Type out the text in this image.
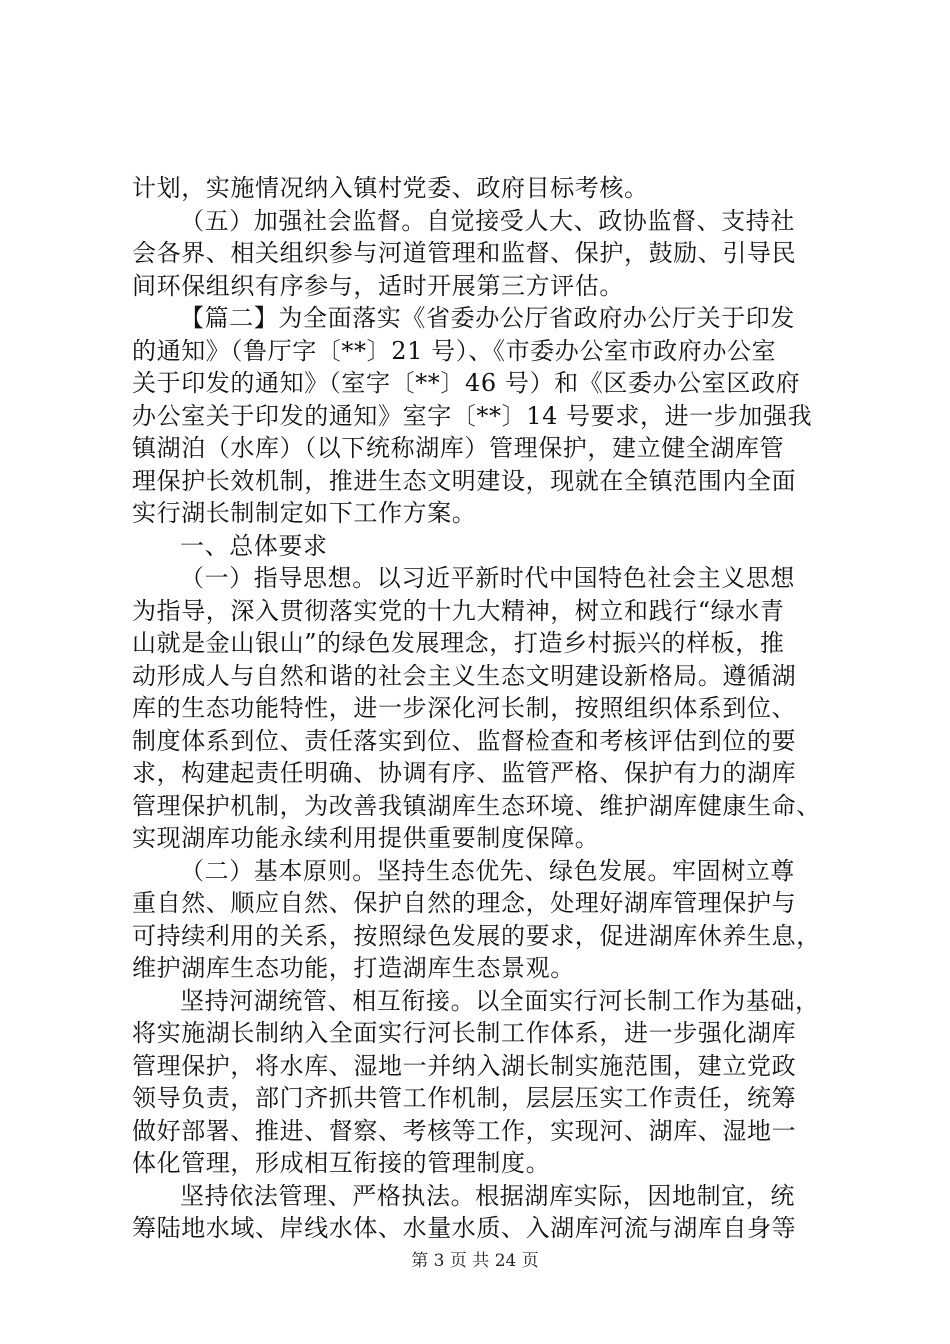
计划，实施情况纳入镇村党委、政府目标考核。
（五）加强社会监督。自觉接受人大、政协监督、支持社
会各界、相关组织参与河道管理和监督、保护，鼓励、引导民
间环保组织有序参与，适时开展第三方评估。
【篇二】为全面落实《省委办公厅省政府办公厅关于印发
的通知》（鲁厅字〔**〕21 号）、《市委办公室市政府办公室
关于印发的通知》（室字〔**〕46 号）和《区委办公室区政府
办公室关于印发的通知》室字〔**〕14 号要求，进一步加强我
镇湖泊（水库）（以下统称湖库）管理保护，建立健全湖库管
理保护长效机制，推进生态文明建设，现就在全镇范围内全面
实行湖长制制定如下工作方案。
一、总体要求
（一）指导思想。以习近平新时代中国特色社会主义思想
为指导，深入贯彻落实党的十九大精神，树立和践行“绿水青
山就是金山银山”的绿色发展理念，打造乡村振兴的样板，推
动形成人与自然和谐的社会主义生态文明建设新格局。遵循湖
库的生态功能特性，进一步深化河长制，按照组织体系到位、
制度体系到位、责任落实到位、监督检查和考核评估到位的要
求，构建起责任明确、协调有序、监管严格、保护有力的湖库
管理保护机制，为改善我镇湖库生态环境、维护湖库健康生命、
实现湖库功能永续利用提供重要制度保障。
（二）基本原则。坚持生态优先、绿色发展。牢固树立尊
重自然、顺应自然、保护自然的理念，处理好湖库管理保护与
可持续利用的关系，按照绿色发展的要求，促进湖库休养生息，
维护湖库生态功能，打造湖库生态景观。
坚持河湖统管、相互衔接。以全面实行河长制工作为基础，
将实施湖长制纳入全面实行河长制工作体系，进一步强化湖库
管理保护，将水库、湿地一并纳入湖长制实施范围，建立党政
领导负责，部门齐抓共管工作机制，层层压实工作责任，统筹
做好部署、推进、督察、考核等工作，实现河、湖库、湿地一
体化管理，形成相互衔接的管理制度。
坚持依法管理、严格执法。根据湖库实际，因地制宜，统
筹陆地水域、岸线水体、水量水质、入湖库河流与湖库自身等
第 3 页 共 24 页
